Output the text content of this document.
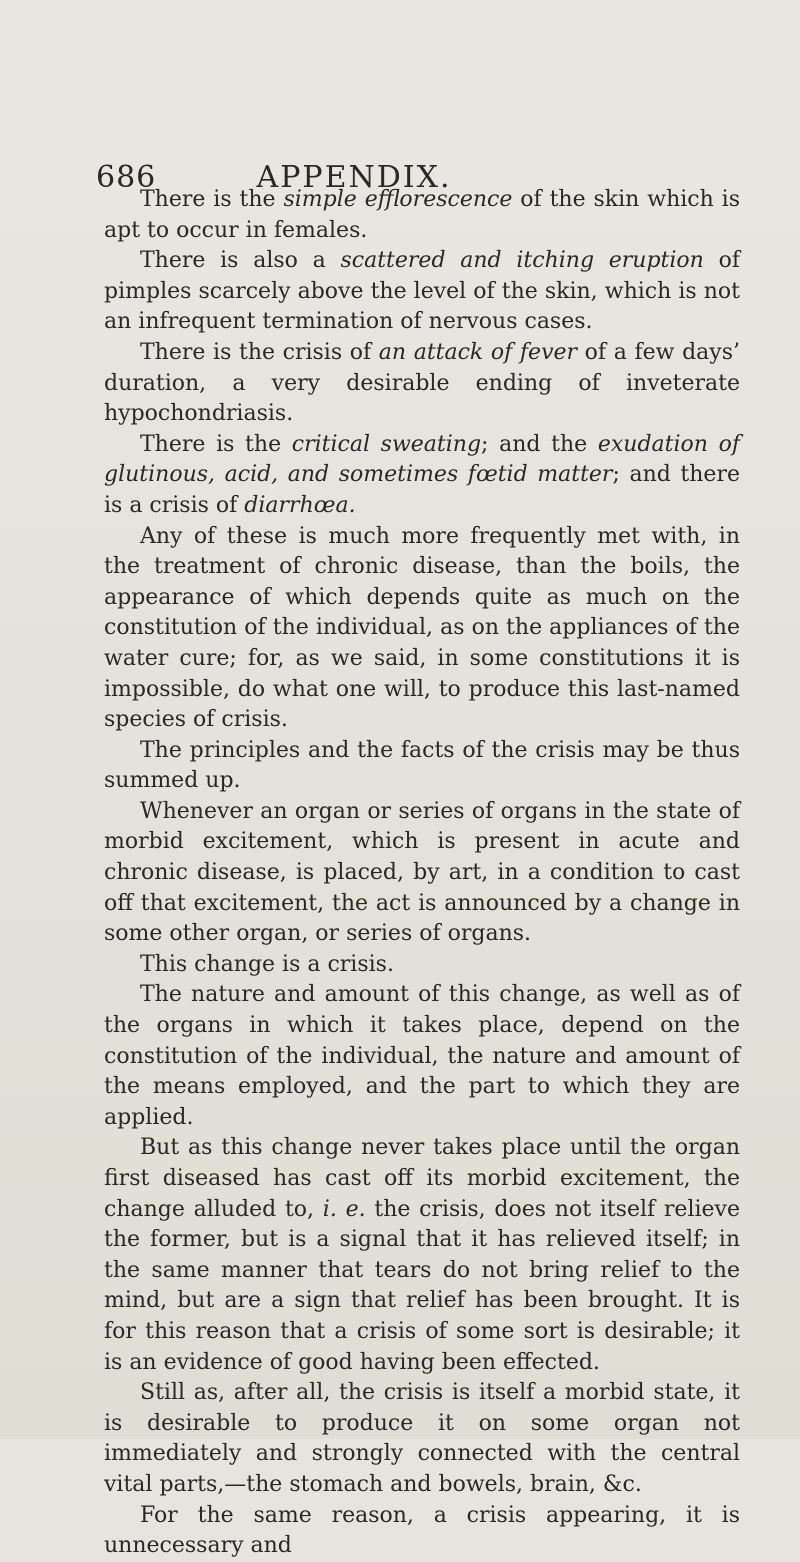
686	APPENDIX.

There is the simple efflorescence of the skin which is apt to occur in females.

There is also a scattered and itching eruption of pimples scarcely above the level of the skin, which is not an infrequent termination of nervous cases.

There is the crisis of an attack of fever of a few days’ duration, a very desirable ending of inveterate hypochondriasis.

There is the critical sweating; and the exudation of glutinous, acid, and sometimes fœtid matter; and there is a crisis of diarrhœa.

Any of these is much more frequently met with, in the treatment of chronic disease, than the boils, the appearance of which depends quite as much on the constitution of the individual, as on the appliances of the water cure; for, as we said, in some constitutions it is impossible, do what one will, to produce this last-named species of crisis.

The principles and the facts of the crisis may be thus summed up.

Whenever an organ or series of organs in the state of morbid excitement, which is present in acute and chronic disease, is placed, by art, in a condition to cast off that excitement, the act is announced by a change in some other organ, or series of organs.

This change is a crisis.

The nature and amount of this change, as well as of the organs in which it takes place, depend on the constitution of the individual, the nature and amount of the means employed, and the part to which they are applied.

But as this change never takes place until the organ first diseased has cast off its morbid excitement, the change alluded to, i. e. the crisis, does not itself relieve the former, but is a signal that it has relieved itself; in the same manner that tears do not bring relief to the mind, but are a sign that relief has been brought. It is for this reason that a crisis of some sort is desirable; it is an evidence of good having been effected.

Still as, after all, the crisis is itself a morbid state, it is desirable to produce it on some organ not immediately and strongly connected with the central vital parts,—the stomach and bowels, brain, &c.

For the same reason, a crisis appearing, it is unnecessary and
